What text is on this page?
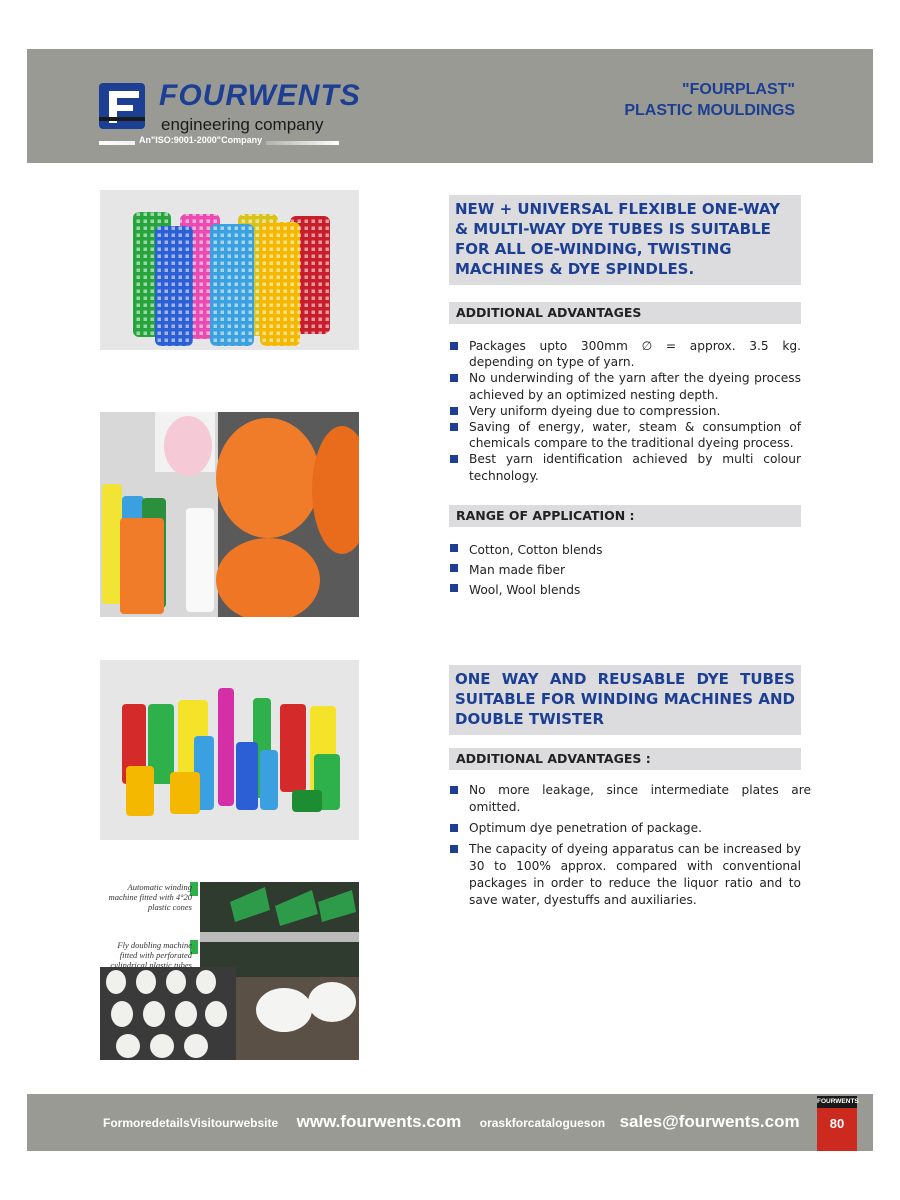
FOURWENTS
engineering company
An"ISO:9001-2000"Company
"FOURPLAST"
PLASTIC MOULDINGS
Automatic winding machine fitted with 4°20 plastic cones
Fly doubling machine fitted with perforated cylindrical plastic tubes
NEW + UNIVERSAL FLEXIBLE ONE-WAY & MULTI-WAY DYE TUBES IS SUITABLE FOR ALL OE-WINDING, TWISTING MACHINES & DYE SPINDLES.
ADDITIONAL ADVANTAGES
Packages upto 300mm ∅ = approx. 3.5 kg. depending on type of yarn.
No underwinding of the yarn after the dyeing process achieved by an optimized nesting depth.
Very uniform dyeing due to compression.
Saving of energy, water, steam & consumption of chemicals compare to the traditional dyeing process.
Best yarn identification achieved by multi colour technology.
RANGE OF APPLICATION :
Cotton, Cotton blends
Man made fiber
Wool, Wool blends
ONE WAY AND REUSABLE DYE TUBES SUITABLE FOR WINDING MACHINES AND DOUBLE TWISTER
ADDITIONAL ADVANTAGES :
No more leakage, since intermediate plates are omitted.
Optimum dye penetration of package.
The capacity of dyeing apparatus can be increased by 30 to 100% approx. compared with conventional packages in order to reduce the liquor ratio and to save water, dyestuffs and auxiliaries.
FormoredetailsVisitourwebsite www.fourwents.com oraskforcatalogueson sales@fourwents.com
FOURWENTS
80
